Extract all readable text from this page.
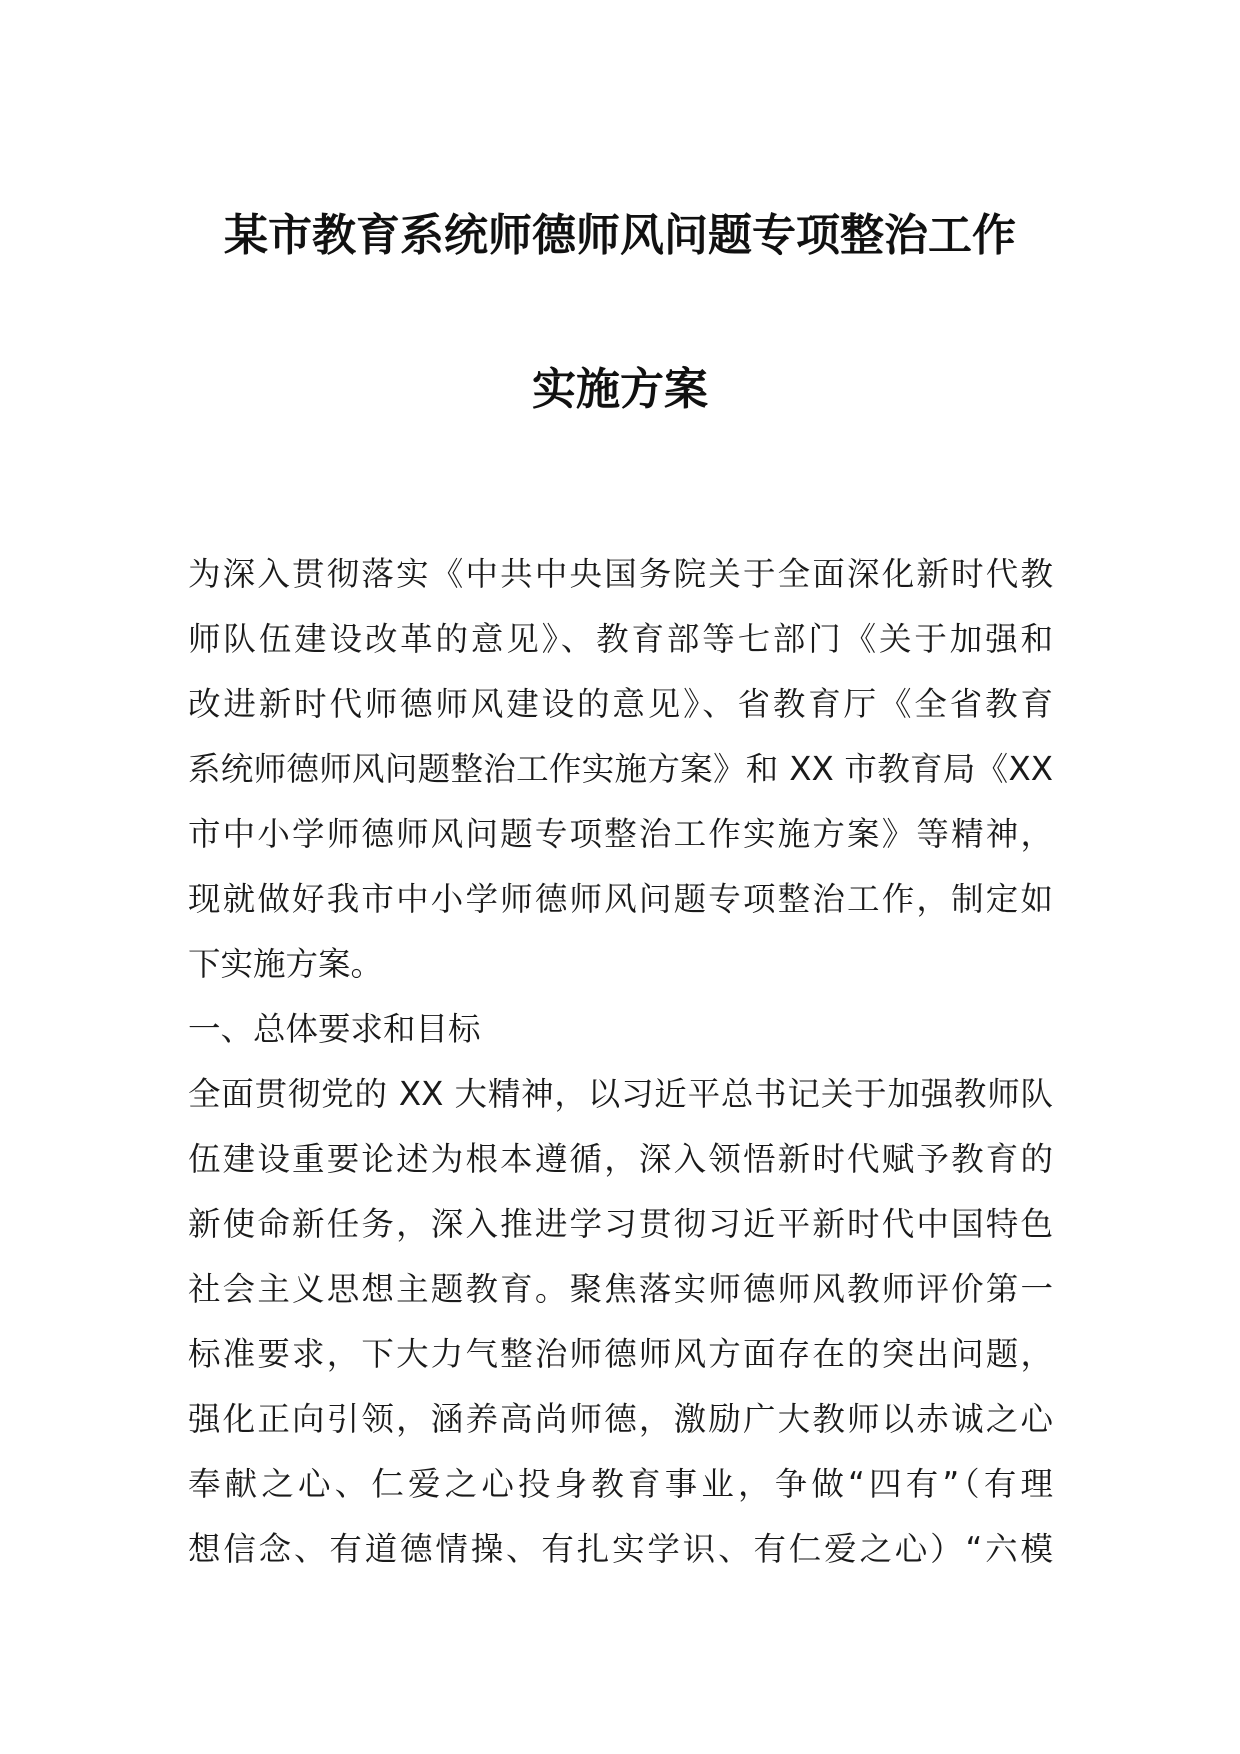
某市教育系统师德师风问题专项整治工作
实施方案
为深入贯彻落实《中共中央国务院关于全面深化新时代教
师队伍建设改革的意见》、教育部等七部门《关于加强和
改进新时代师德师风建设的意见》、省教育厅《全省教育
系统师德师风问题整治工作实施方案》和 XX 市教育局《XX
市中小学师德师风问题专项整治工作实施方案》等精神，
现就做好我市中小学师德师风问题专项整治工作，制定如
下实施方案。
一、总体要求和目标
全面贯彻党的 XX 大精神，以习近平总书记关于加强教师队
伍建设重要论述为根本遵循，深入领悟新时代赋予教育的
新使命新任务，深入推进学习贯彻习近平新时代中国特色
社会主义思想主题教育。聚焦落实师德师风教师评价第一
标准要求，下大力气整治师德师风方面存在的突出问题，
强化正向引领，涵养高尚师德，激励广大教师以赤诚之心
奉献之心、仁爱之心投身教育事业，争做“四有”（有理
想信念、有道德情操、有扎实学识、有仁爱之心）“六模
